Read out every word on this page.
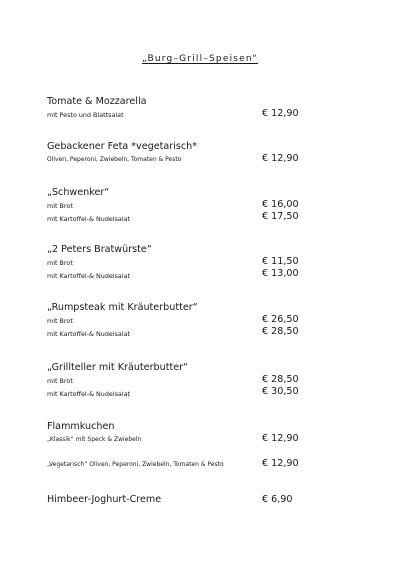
„Burg–Grill–Speisen“
Tomate & Mozzarella
mit Pesto und Blattsalat	€ 12,90
Gebackener Feta *vegetarisch*
Oliven, Peperoni, Zwiebeln, Tomaten & Pesto	€ 12,90
„Schwenker“
mit Brot	€ 16,00
mit Kartoffel-& Nudelsalat	€ 17,50
„2 Peters Bratwürste“
mit Brot	€ 11,50
mit Kartoffel-& Nudelsalat	€ 13,00
„Rumpsteak mit Kräuterbutter“
mit Brot	€ 26,50
mit Kartoffel-& Nudelsalat	€ 28,50
„Grillteller mit Kräuterbutter“
mit Brot	€ 28,50
mit Kartoffel-& Nudelsalat	€ 30,50
Flammkuchen
„Klassik“ mit Speck & Zwiebeln	€ 12,90
„Vegetarisch“ Oliven, Peperoni, Zwiebeln, Tomaten & Pesto	€ 12,90
Himbeer-Joghurt-Creme	€ 6,90
